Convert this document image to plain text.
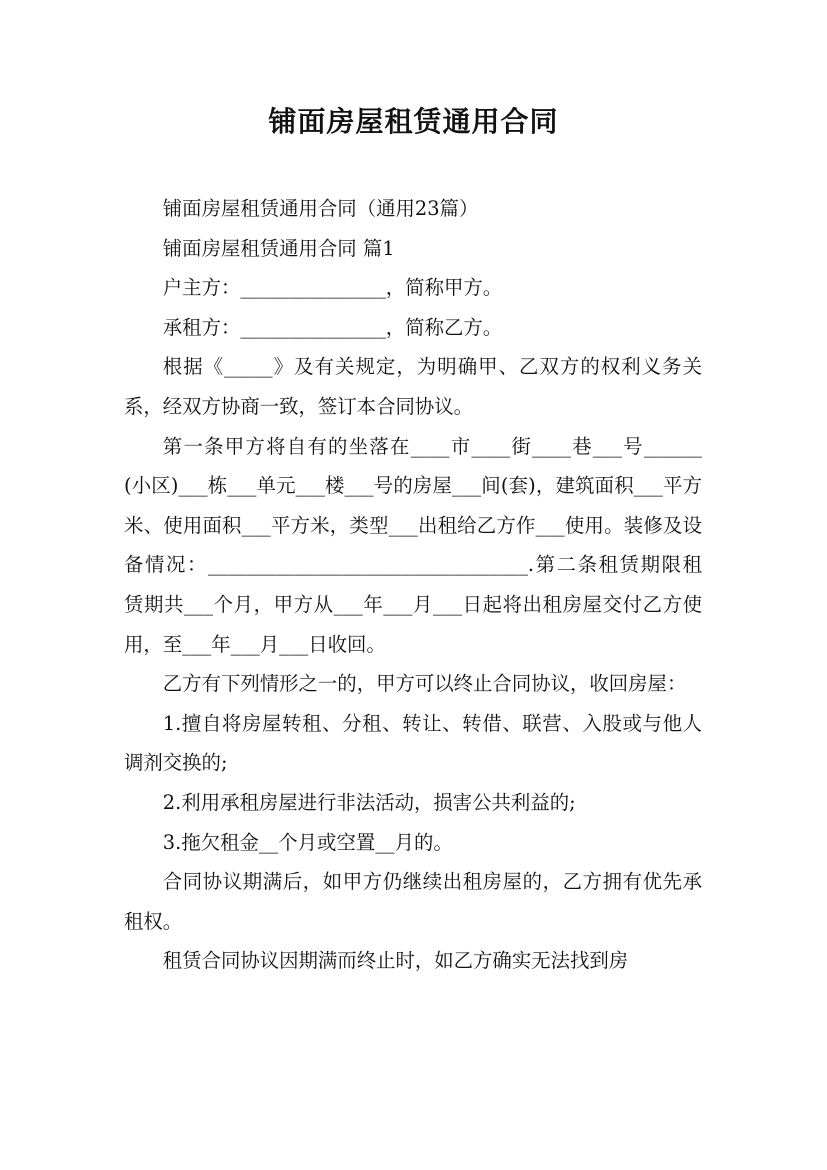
铺面房屋租赁通用合同

铺面房屋租赁通用合同（通用23篇）

铺面房屋租赁通用合同 篇1

户主方：_______________，简称甲方。

承租方：_______________，简称乙方。

根据《_____》及有关规定，为明确甲、乙双方的权利义务关系，经双方协商一致，签订本合同协议。

第一条甲方将自有的坐落在____市____街____巷___号______(小区)___栋___单元___楼___号的房屋___间(套)，建筑面积___平方米、使用面积___平方米，类型___出租给乙方作___使用。装修及设备情况：_________________________________.第二条租赁期限租赁期共___个月，甲方从___年___月___日起将出租房屋交付乙方使用，至___年___月___日收回。

乙方有下列情形之一的，甲方可以终止合同协议，收回房屋：

1.擅自将房屋转租、分租、转让、转借、联营、入股或与他人调剂交换的;

2.利用承租房屋进行非法活动，损害公共利益的;

3.拖欠租金__个月或空置__月的。

合同协议期满后，如甲方仍继续出租房屋的，乙方拥有优先承租权。

租赁合同协议因期满而终止时，如乙方确实无法找到房
